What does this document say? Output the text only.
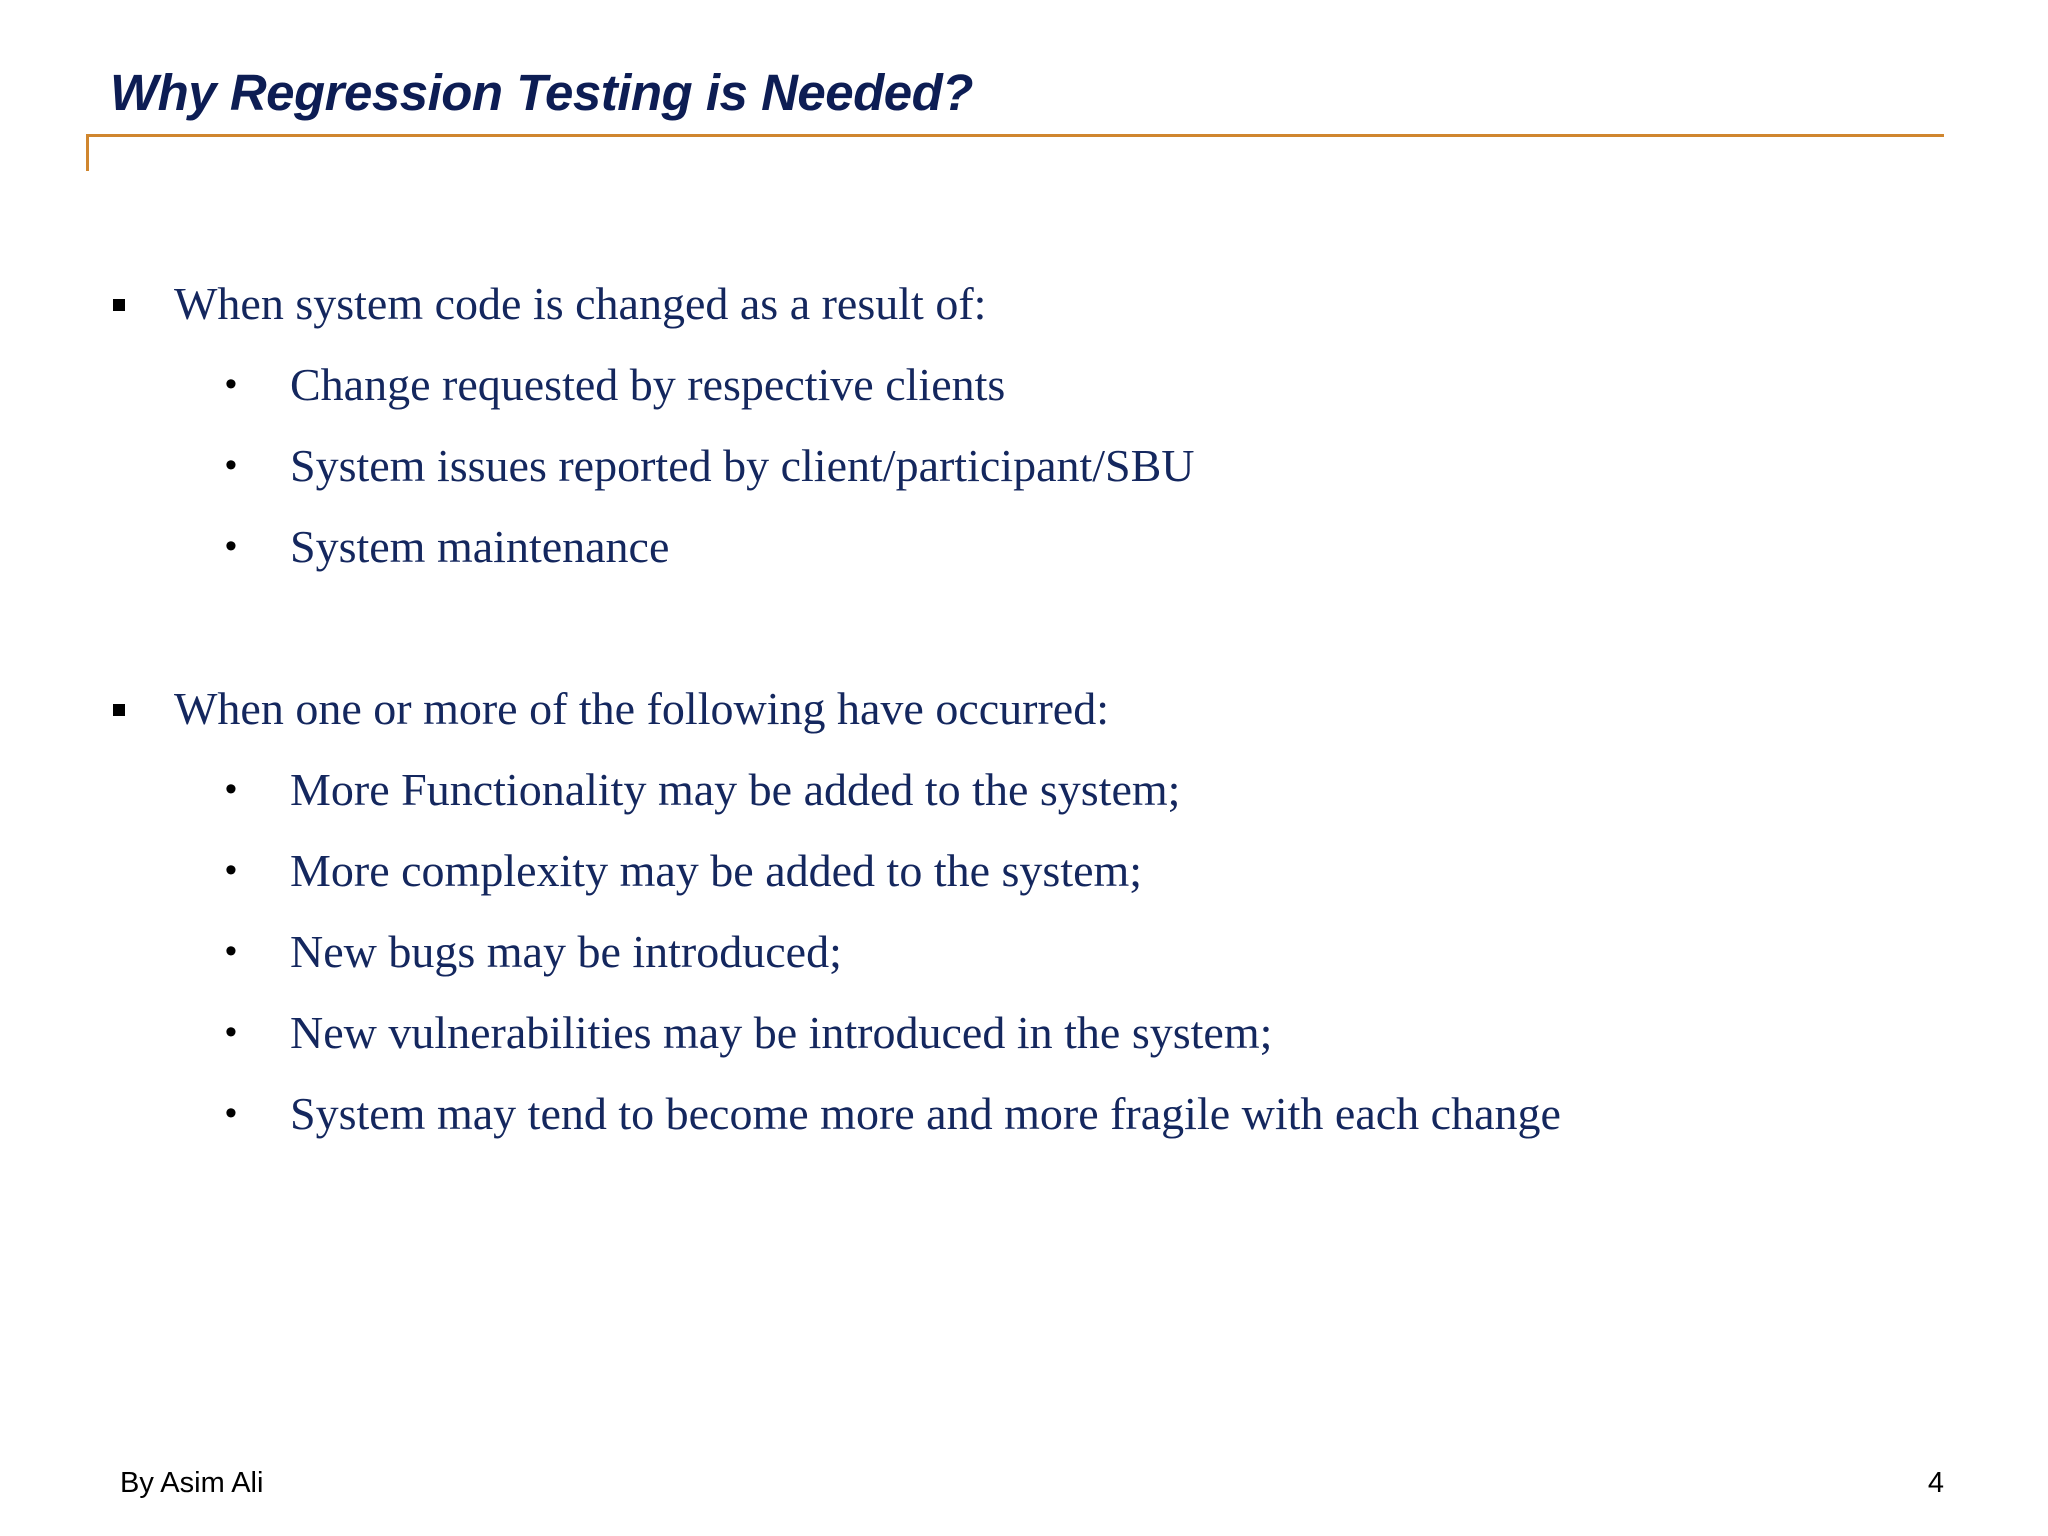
Why Regression Testing is Needed?
When system code is changed as a result of:
• Change requested by respective clients
• System issues reported by client/participant/SBU
• System maintenance
When one or more of the following have occurred:
• More Functionality may be added to the system;
• More complexity may be added to the system;
• New bugs may be introduced;
• New vulnerabilities may be introduced in the system;
• System may tend to become more and more fragile with each change
By Asim Ali	4
